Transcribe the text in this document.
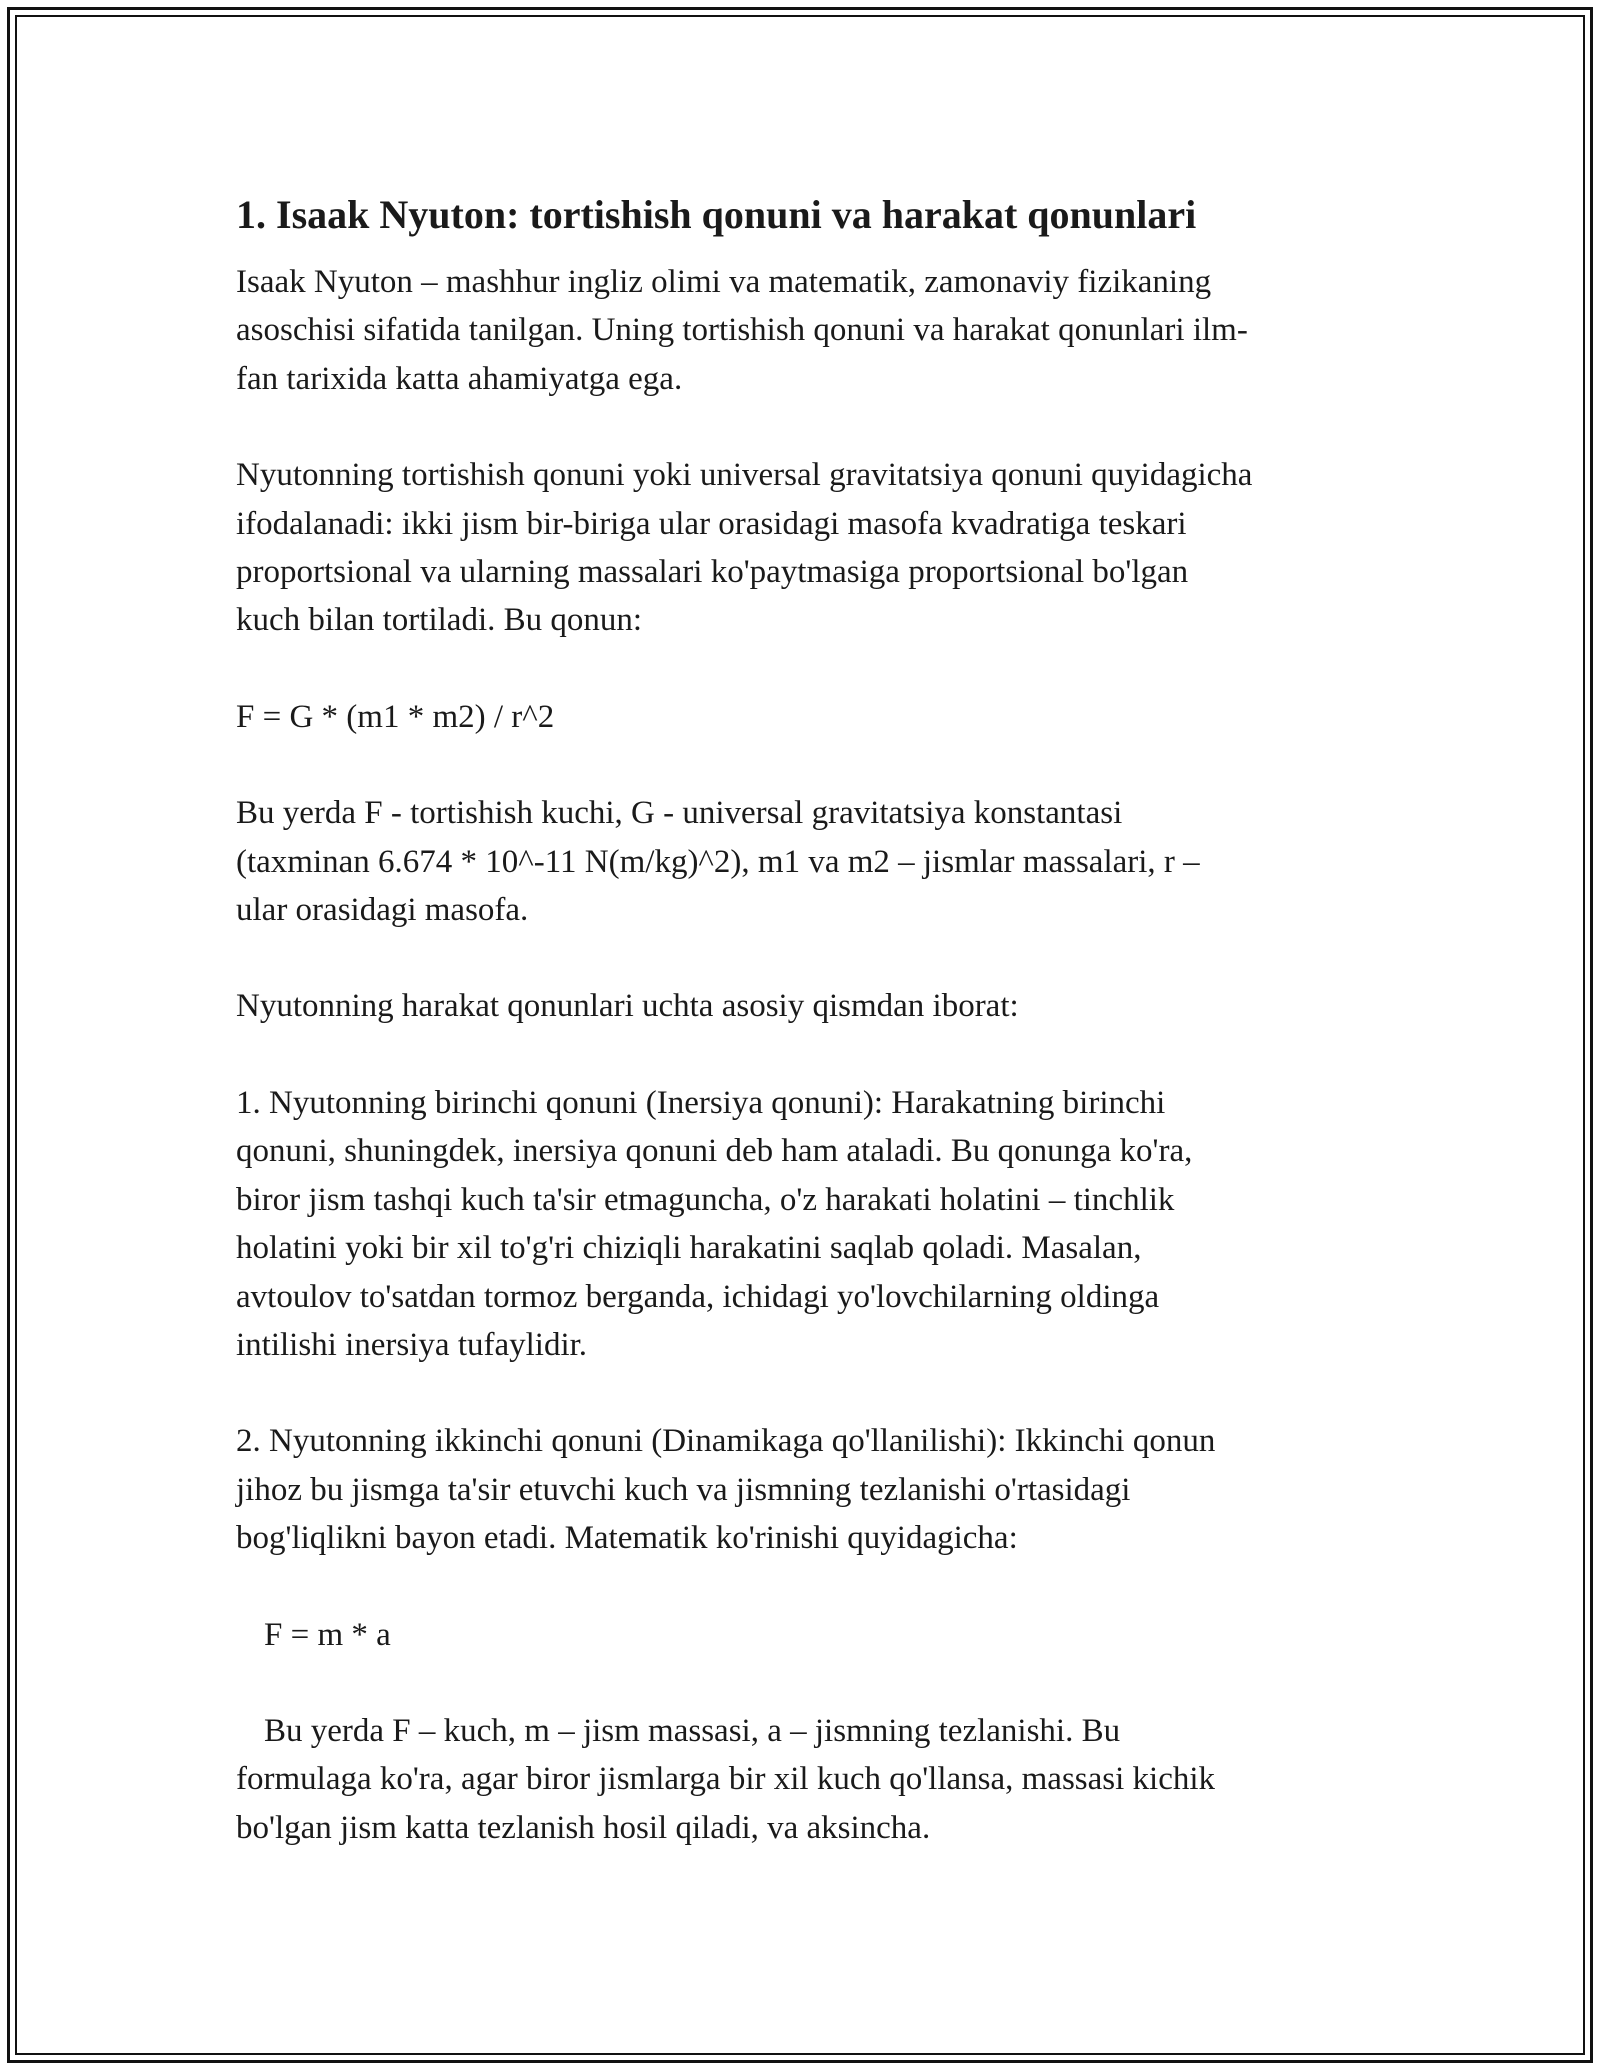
1. Isaak Nyuton: tortishish qonuni va harakat qonunlari

Isaak Nyuton – mashhur ingliz olimi va matematik, zamonaviy fizikaning
asoschisi sifatida tanilgan. Uning tortishish qonuni va harakat qonunlari ilm-
fan tarixida katta ahamiyatga ega.

Nyutonning tortishish qonuni yoki universal gravitatsiya qonuni quyidagicha
ifodalanadi: ikki jism bir-biriga ular orasidagi masofa kvadratiga teskari
proportsional va ularning massalari ko'paytmasiga proportsional bo'lgan
kuch bilan tortiladi. Bu qonun:

F = G * (m1 * m2) / r^2

Bu yerda F - tortishish kuchi, G - universal gravitatsiya konstantasi
(taxminan 6.674 * 10^-11 N(m/kg)^2), m1 va m2 – jismlar massalari, r –
ular orasidagi masofa.

Nyutonning harakat qonunlari uchta asosiy qismdan iborat:

1. Nyutonning birinchi qonuni (Inersiya qonuni): Harakatning birinchi
qonuni, shuningdek, inersiya qonuni deb ham ataladi. Bu qonunga ko'ra,
biror jism tashqi kuch ta'sir etmaguncha, o'z harakati holatini – tinchlik
holatini yoki bir xil to'g'ri chiziqli harakatini saqlab qoladi. Masalan,
avtoulov to'satdan tormoz berganda, ichidagi yo'lovchilarning oldinga
intilishi inersiya tufaylidir.

2. Nyutonning ikkinchi qonuni (Dinamikaga qo'llanilishi): Ikkinchi qonun
jihoz bu jismga ta'sir etuvchi kuch va jismning tezlanishi o'rtasidagi
bog'liqlikni bayon etadi. Matematik ko'rinishi quyidagicha:

F = m * a

Bu yerda F – kuch, m – jism massasi, a – jismning tezlanishi. Bu
formulaga ko'ra, agar biror jismlarga bir xil kuch qo'llansa, massasi kichik
bo'lgan jism katta tezlanish hosil qiladi, va aksincha.
